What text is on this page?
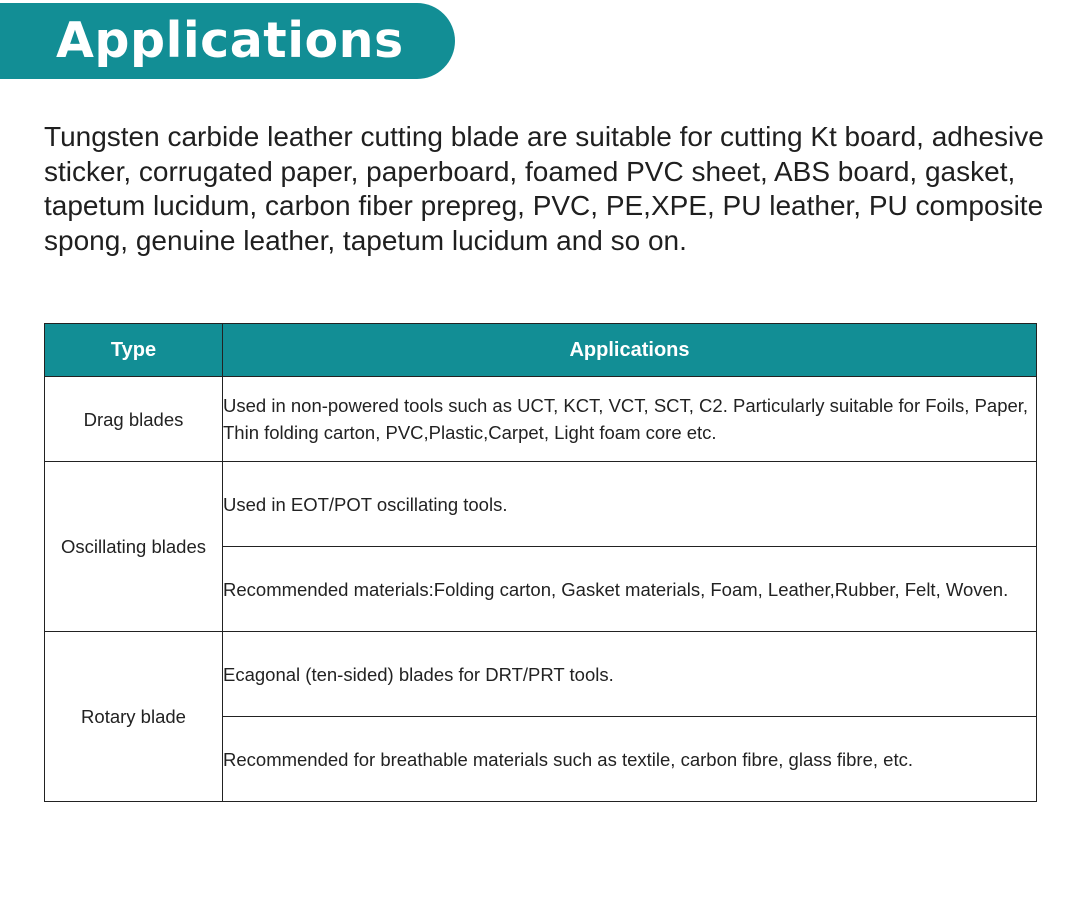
Applications

Tungsten carbide leather cutting blade are suitable for cutting Kt board, adhesive sticker, corrugated paper, paperboard, foamed PVC sheet, ABS board, gasket, tapetum lucidum, carbon fiber prepreg, PVC, PE,XPE, PU leather, PU composite spong, genuine leather, tapetum lucidum and so on.

Type	Applications
Drag blades	Used in non-powered tools such as UCT, KCT, VCT, SCT, C2. Particularly suitable for Foils, Paper, Thin folding carton, PVC,Plastic,Carpet, Light foam core etc.
Oscillating blades	Used in EOT/POT oscillating tools.
	Recommended materials:Folding carton, Gasket materials, Foam, Leather,Rubber, Felt, Woven.
Rotary blade	Ecagonal (ten-sided) blades for DRT/PRT tools.
	Recommended for breathable materials such as textile, carbon fibre, glass fibre, etc.
